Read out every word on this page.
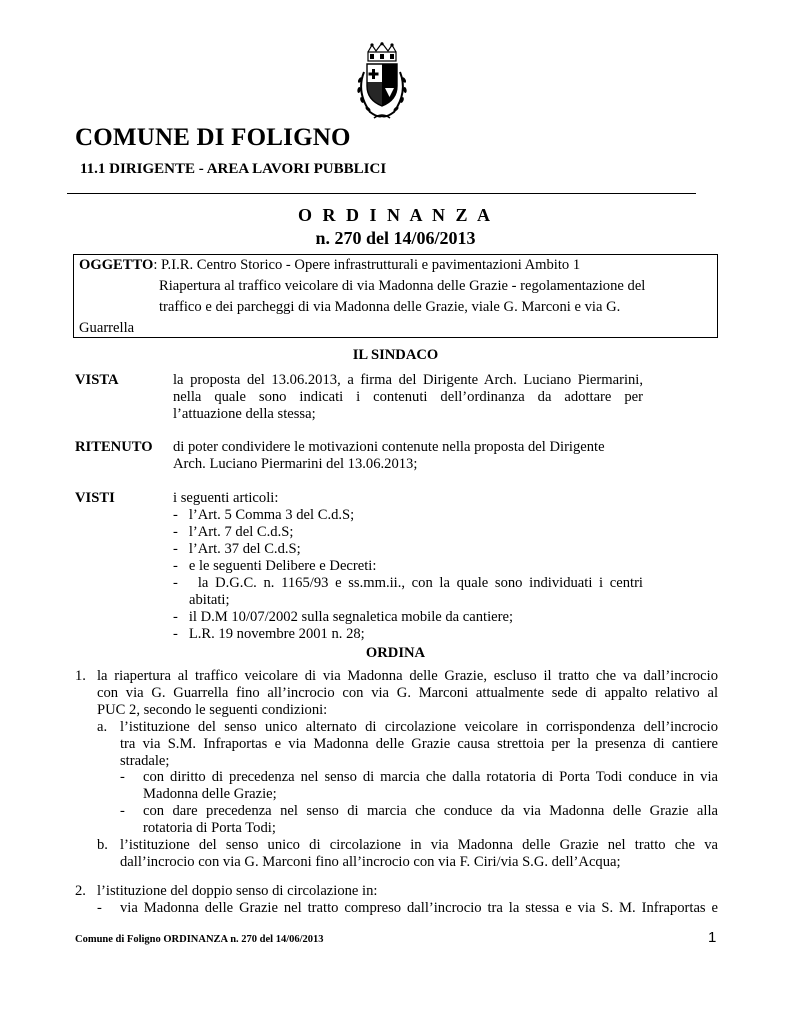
COMUNE DI FOLIGNO
11.1 DIRIGENTE - AREA LAVORI PUBBLICI
O R D I N A N Z A
n. 270 del 14/06/2013
OGGETTO: P.I.R. Centro Storico - Opere infrastrutturali e pavimentazioni Ambito 1
Riapertura al traffico veicolare di via Madonna delle Grazie - regolamentazione del
traffico e dei parcheggi di via Madonna delle Grazie, viale G. Marconi e via G.
Guarrella
IL SINDACO
VISTA	la proposta del 13.06.2013, a firma del Dirigente Arch. Luciano Piermarini,
nella quale sono indicati i contenuti dell’ordinanza da adottare per
l’attuazione della stessa;
RITENUTO di poter condividere le motivazioni contenute nella proposta del Dirigente
Arch. Luciano Piermarini del 13.06.2013;
VISTI	i seguenti articoli:
-   l’Art. 5 Comma 3 del C.d.S;
-   l’Art. 7 del C.d.S;
-   l’Art. 37 del C.d.S;
-   e le seguenti Delibere e Decreti:
-   la D.G.C. n. 1165/93 e ss.mm.ii., con la quale sono individuati i centri
abitati;
-   il D.M 10/07/2002 sulla segnaletica mobile da cantiere;
-   L.R. 19 novembre 2001 n. 28;
ORDINA
1. la riapertura al traffico veicolare di via Madonna delle Grazie, escluso il tratto che va dall’incrocio
con via G. Guarrella fino all’incrocio con via G. Marconi attualmente sede di appalto relativo al
PUC 2, secondo le seguenti condizioni:
a. l’istituzione del senso unico alternato di circolazione veicolare in corrispondenza dell’incrocio
tra via S.M. Infraportas e via Madonna delle Grazie causa strettoia per la presenza di cantiere
stradale;
- con diritto di precedenza nel senso di marcia che dalla rotatoria di Porta Todi conduce in via
Madonna delle Grazie;
- con dare precedenza nel senso di marcia che conduce da via Madonna delle Grazie alla
rotatoria di Porta Todi;
b. l’istituzione del senso unico di circolazione in via Madonna delle Grazie nel tratto che va
dall’incrocio con via G. Marconi fino all’incrocio con via F. Ciri/via S.G. dell’Acqua;
2. l’istituzione del doppio senso di circolazione in:
- via Madonna delle Grazie nel tratto compreso dall’incrocio tra la stessa e via S. M. Infraportas e
Comune di Foligno ORDINANZA n. 270 del 14/06/2013	1
